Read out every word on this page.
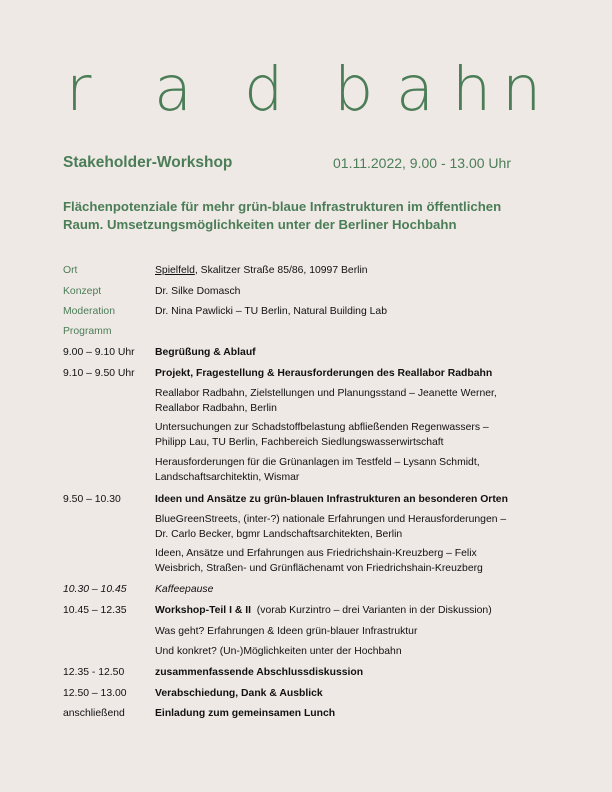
r a d b a h n
Stakeholder-Workshop	01.11.2022, 9.00 - 13.00 Uhr
Flächenpotenziale für mehr grün-blaue Infrastrukturen im öffentlichen
Raum. Umsetzungsmöglichkeiten unter der Berliner Hochbahn
Ort	Spielfeld, Skalitzer Straße 85/86, 10997 Berlin
Konzept	Dr. Silke Domasch
Moderation	Dr. Nina Pawlicki – TU Berlin, Natural Building Lab
Programm
9.00 – 9.10 Uhr	Begrüßung & Ablauf
9.10 – 9.50 Uhr	Projekt, Fragestellung & Herausforderungen des Reallabor Radbahn
Reallabor Radbahn, Zielstellungen und Planungsstand – Jeanette Werner,
Reallabor Radbahn, Berlin
Untersuchungen zur Schadstoffbelastung abfließenden Regenwassers –
Philipp Lau, TU Berlin, Fachbereich Siedlungswasserwirtschaft
Herausforderungen für die Grünanlagen im Testfeld – Lysann Schmidt,
Landschaftsarchitektin, Wismar
9.50 – 10.30	Ideen und Ansätze zu grün-blauen Infrastrukturen an besonderen Orten
BlueGreenStreets, (inter-?) nationale Erfahrungen und Herausforderungen –
Dr. Carlo Becker, bgmr Landschaftsarchitekten, Berlin
Ideen, Ansätze und Erfahrungen aus Friedrichshain-Kreuzberg – Felix
Weisbrich, Straßen- und Grünflächenamt von Friedrichshain-Kreuzberg
10.30 – 10.45	Kaffeepause
10.45 – 12.35	Workshop-Teil I & II  (vorab Kurzintro – drei Varianten in der Diskussion)
Was geht? Erfahrungen & Ideen grün-blauer Infrastruktur
Und konkret? (Un-)Möglichkeiten unter der Hochbahn
12.35 - 12.50	zusammenfassende Abschlussdiskussion
12.50 – 13.00	Verabschiedung, Dank & Ausblick
anschließend	Einladung zum gemeinsamen Lunch
